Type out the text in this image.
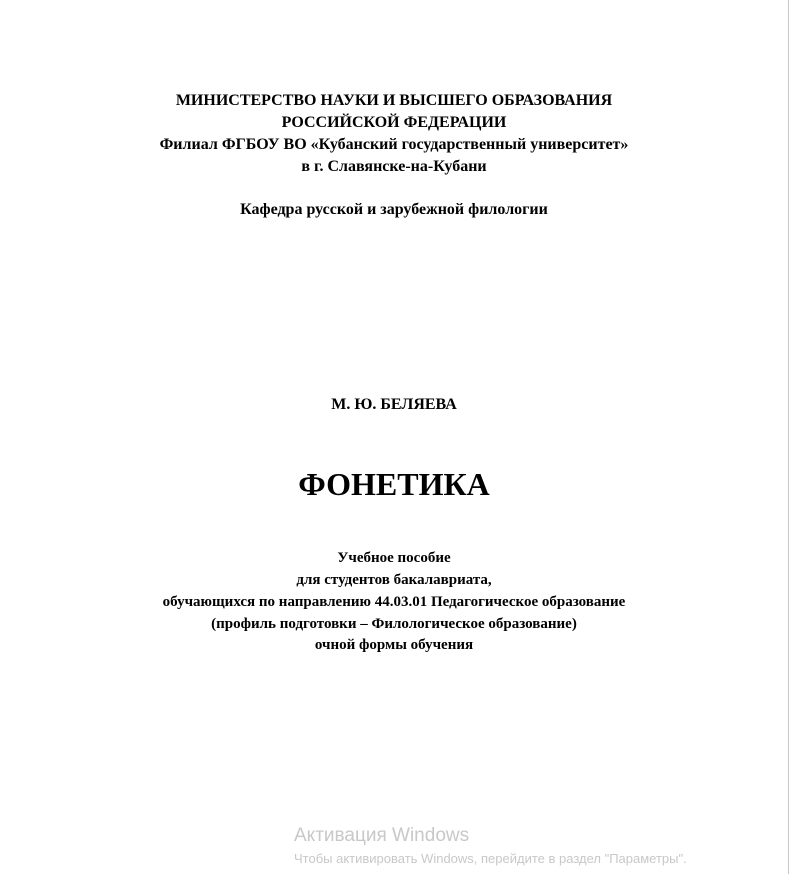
МИНИСТЕРСТВО НАУКИ И ВЫСШЕГО ОБРАЗОВАНИЯ
РОССИЙСКОЙ ФЕДЕРАЦИИ
Филиал ФГБОУ ВО «Кубанский государственный университет»
в г. Славянске-на-Кубани
Кафедра русской и зарубежной филологии
М. Ю. БЕЛЯЕВА
ФОНЕТИКА
Учебное пособие
для студентов бакалавриата,
обучающихся по направлению 44.03.01 Педагогическое образование
(профиль подготовки – Филологическое образование)
очной формы обучения
Активация Windows
Чтобы активировать Windows, перейдите в раздел "Параметры".
